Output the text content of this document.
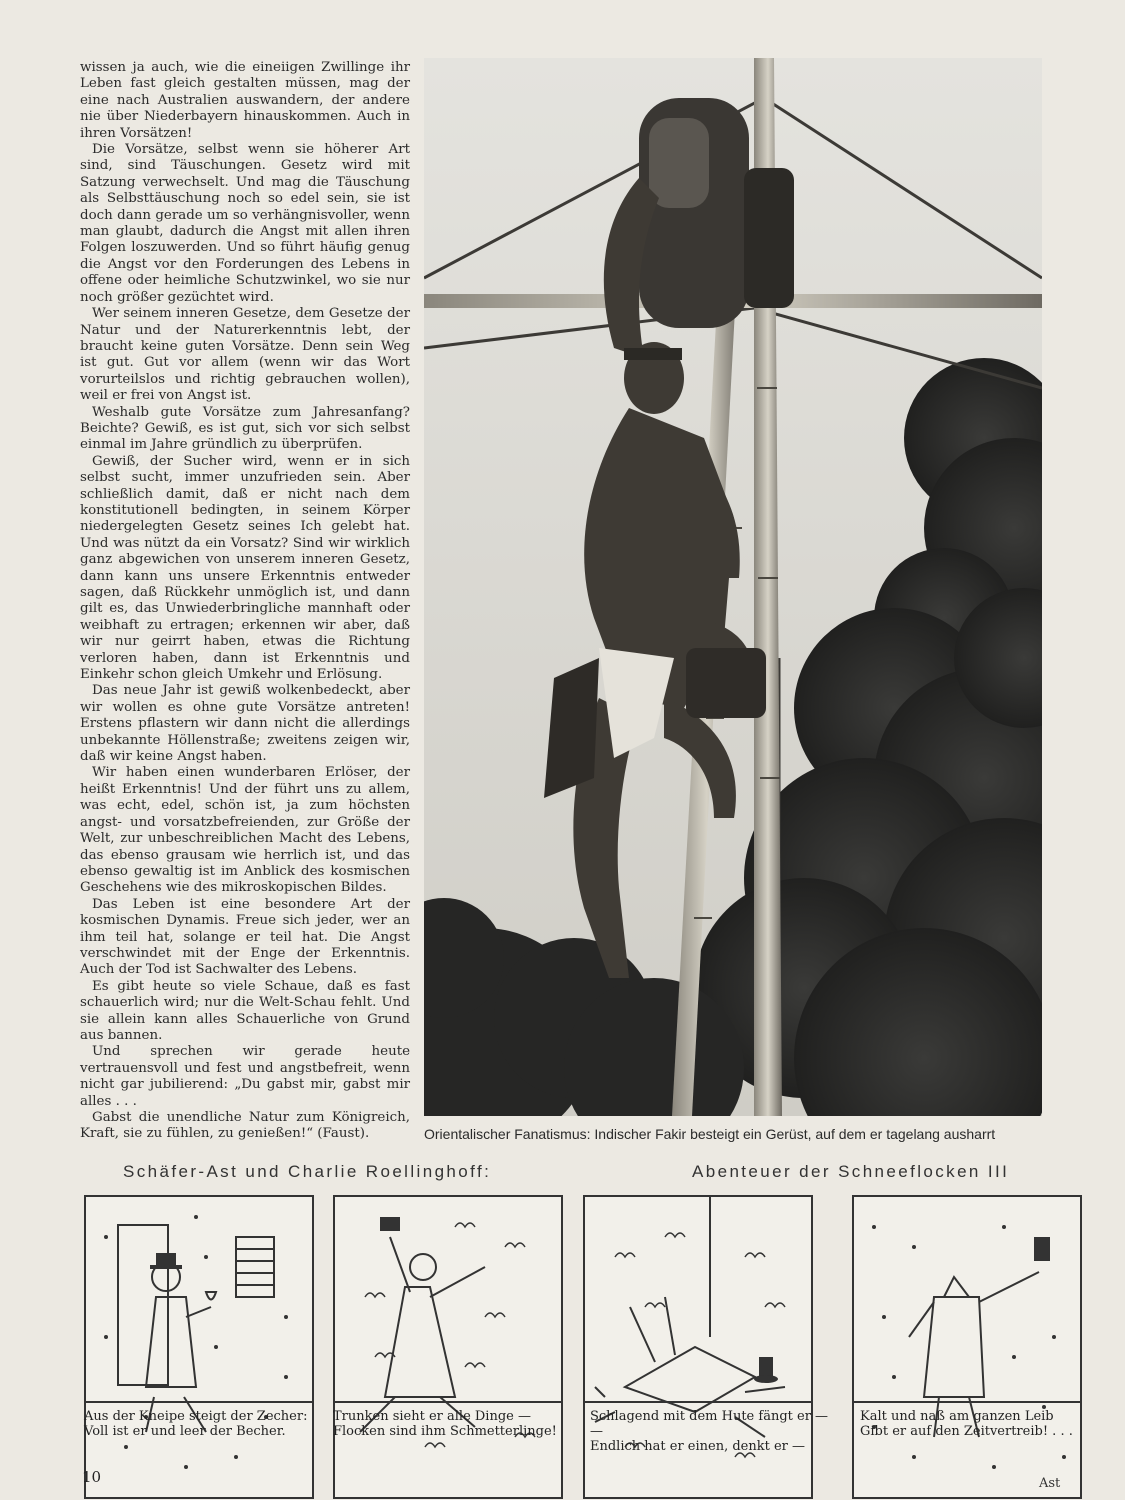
wissen ja auch, wie die eineiigen Zwillinge ihr Leben fast gleich gestalten müssen, mag der eine nach Australien auswandern, der andere nie über Niederbayern hinauskommen. Auch in ihren Vorsätzen!

Die Vorsätze, selbst wenn sie höherer Art sind, sind Täuschungen. Gesetz wird mit Satzung verwechselt. Und mag die Täuschung als Selbsttäuschung noch so edel sein, sie ist doch dann gerade um so verhängnisvoller, wenn man glaubt, dadurch die Angst mit allen ihren Folgen loszuwerden. Und so führt häufig genug die Angst vor den Forderungen des Lebens in offene oder heimliche Schutzwinkel, wo sie nur noch größer gezüchtet wird.

Wer seinem inneren Gesetze, dem Gesetze der Natur und der Naturerkenntnis lebt, der braucht keine guten Vorsätze. Denn sein Weg ist gut. Gut vor allem (wenn wir das Wort vorurteilslos und richtig gebrauchen wollen), weil er frei von Angst ist.

Weshalb gute Vorsätze zum Jahresanfang? Beichte? Gewiß, es ist gut, sich vor sich selbst einmal im Jahre gründlich zu überprüfen.

Gewiß, der Sucher wird, wenn er in sich selbst sucht, immer unzufrieden sein. Aber schließlich damit, daß er nicht nach dem konstitutionell bedingten, in seinem Körper niedergelegten Gesetz seines Ich gelebt hat. Und was nützt da ein Vorsatz? Sind wir wirklich ganz abgewichen von unserem inneren Gesetz, dann kann uns unsere Erkenntnis entweder sagen, daß Rückkehr unmöglich ist, und dann gilt es, das Unwiederbringliche mannhaft oder weibhaft zu ertragen; erkennen wir aber, daß wir nur geirrt haben, etwas die Richtung verloren haben, dann ist Erkenntnis und Einkehr schon gleich Umkehr und Erlösung.

Das neue Jahr ist gewiß wolkenbedeckt, aber wir wollen es ohne gute Vorsätze antreten! Erstens pflastern wir dann nicht die allerdings unbekannte Höllenstraße; zweitens zeigen wir, daß wir keine Angst haben.

Wir haben einen wunderbaren Erlöser, der heißt Erkenntnis! Und der führt uns zu allem, was echt, edel, schön ist, ja zum höchsten angst- und vorsatzbefreienden, zur Größe der Welt, zur unbeschreiblichen Macht des Lebens, das ebenso grausam wie herrlich ist, und das ebenso gewaltig ist im Anblick des kosmischen Geschehens wie des mikroskopischen Bildes.

Das Leben ist eine besondere Art der kosmischen Dynamis. Freue sich jeder, wer an ihm teil hat, solange er teil hat. Die Angst verschwindet mit der Enge der Erkenntnis. Auch der Tod ist Sachwalter des Lebens.

Es gibt heute so viele Schaue, daß es fast schauerlich wird; nur die Welt-Schau fehlt. Und sie allein kann alles Schauerliche von Grund aus bannen.

Und sprechen wir gerade heute vertrauensvoll und fest und angstbefreit, wenn nicht gar jubilierend: „Du gabst mir, gabst mir alles . . .

Gabst die unendliche Natur zum Königreich, Kraft, sie zu fühlen, zu genießen!“ (Faust).	Orientalischer Fanatismus: Indischer Fakir besteigt ein Gerüst, auf dem er tagelang ausharrt
Schäfer-Ast und Charlie Roellinghoff:	Abenteuer der Schneeflocken III
Ast
Aus der Kneipe steigt der Zecher:
Voll ist er und leer der Becher.
Trunken sieht er alle Dinge —
Flocken sind ihm Schmetterlinge!
Schlagend mit dem Hute fängt er — —
Endlich hat er einen, denkt er —
Kalt und naß am ganzen Leib
Gibt er auf den Zeitvertreib! . . .
10
